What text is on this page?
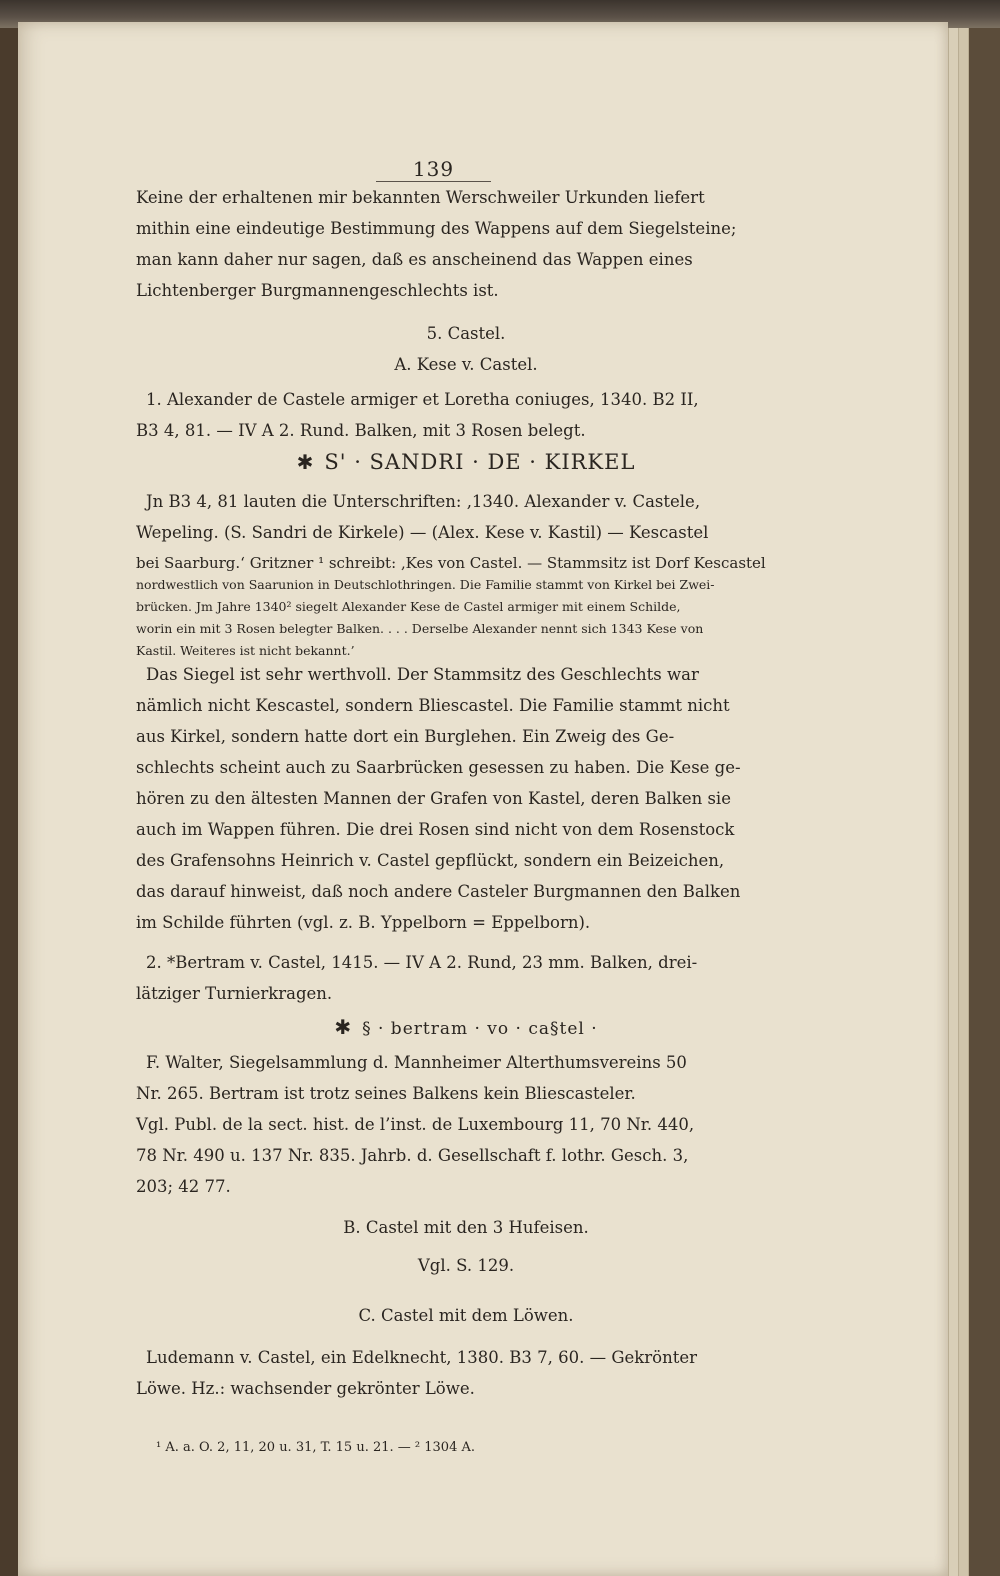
139
Keine der erhaltenen mir bekannten Werschweiler Urkunden liefert
mithin eine eindeutige Bestimmung des Wappens auf dem Siegelsteine;
man kann daher nur sagen, daß es anscheinend das Wappen eines
Lichtenberger Burgmannengeschlechts ist.
5. Castel.
A. Kese v. Castel.
1. Alexander de Castele armiger et Loretha coniuges, 1340. B2 II,
B3 4, 81. — IV A 2. Rund. Balken, mit 3 Rosen belegt.
✱ S' · SANDRI · DE · KIRKEL
Jn B3 4, 81 lauten die Unterschriften: ‚1340. Alexander v. Castele,
Wepeling. (S. Sandri de Kirkele) — (Alex. Kese v. Kastil) — Kescastel
bei Saarburg.‘ Gritzner ¹ schreibt: ‚Kes von Castel. — Stammsitz ist Dorf Kescastel
nordwestlich von Saarunion in Deutschlothringen. Die Familie stammt von Kirkel bei Zwei-
brücken. Jm Jahre 1340² siegelt Alexander Kese de Castel armiger mit einem Schilde,
worin ein mit 3 Rosen belegter Balken. . . . Derselbe Alexander nennt sich 1343 Kese von
Kastil. Weiteres ist nicht bekannt.’
Das Siegel ist sehr werthvoll. Der Stammsitz des Geschlechts war
nämlich nicht Kescastel, sondern Bliescastel. Die Familie stammt nicht
aus Kirkel, sondern hatte dort ein Burglehen. Ein Zweig des Ge-
schlechts scheint auch zu Saarbrücken gesessen zu haben. Die Kese ge-
hören zu den ältesten Mannen der Grafen von Kastel, deren Balken sie
auch im Wappen führen. Die drei Rosen sind nicht von dem Rosenstock
des Grafensohns Heinrich v. Castel gepflückt, sondern ein Beizeichen,
das darauf hinweist, daß noch andere Casteler Burgmannen den Balken
im Schilde führten (vgl. z. B. Yppelborn = Eppelborn).
2. *Bertram v. Castel, 1415. — IV A 2. Rund, 23 mm. Balken, drei-
lätziger Turnierkragen.
✱ § · bertram · vo · ca§tel ·
F. Walter, Siegelsammlung d. Mannheimer Alterthumsvereins 50
Nr. 265. Bertram ist trotz seines Balkens kein Bliescasteler.
Vgl. Publ. de la sect. hist. de l’inst. de Luxembourg 11, 70 Nr. 440,
78 Nr. 490 u. 137 Nr. 835. Jahrb. d. Gesellschaft f. lothr. Gesch. 3,
203; 42 77.
B. Castel mit den 3 Hufeisen.
Vgl. S. 129.
C. Castel mit dem Löwen.
Ludemann v. Castel, ein Edelknecht, 1380. B3 7, 60. — Gekrönter
Löwe. Hz.: wachsender gekrönter Löwe.
¹ A. a. O. 2, 11, 20 u. 31, T. 15 u. 21. — ² 1304 A.
